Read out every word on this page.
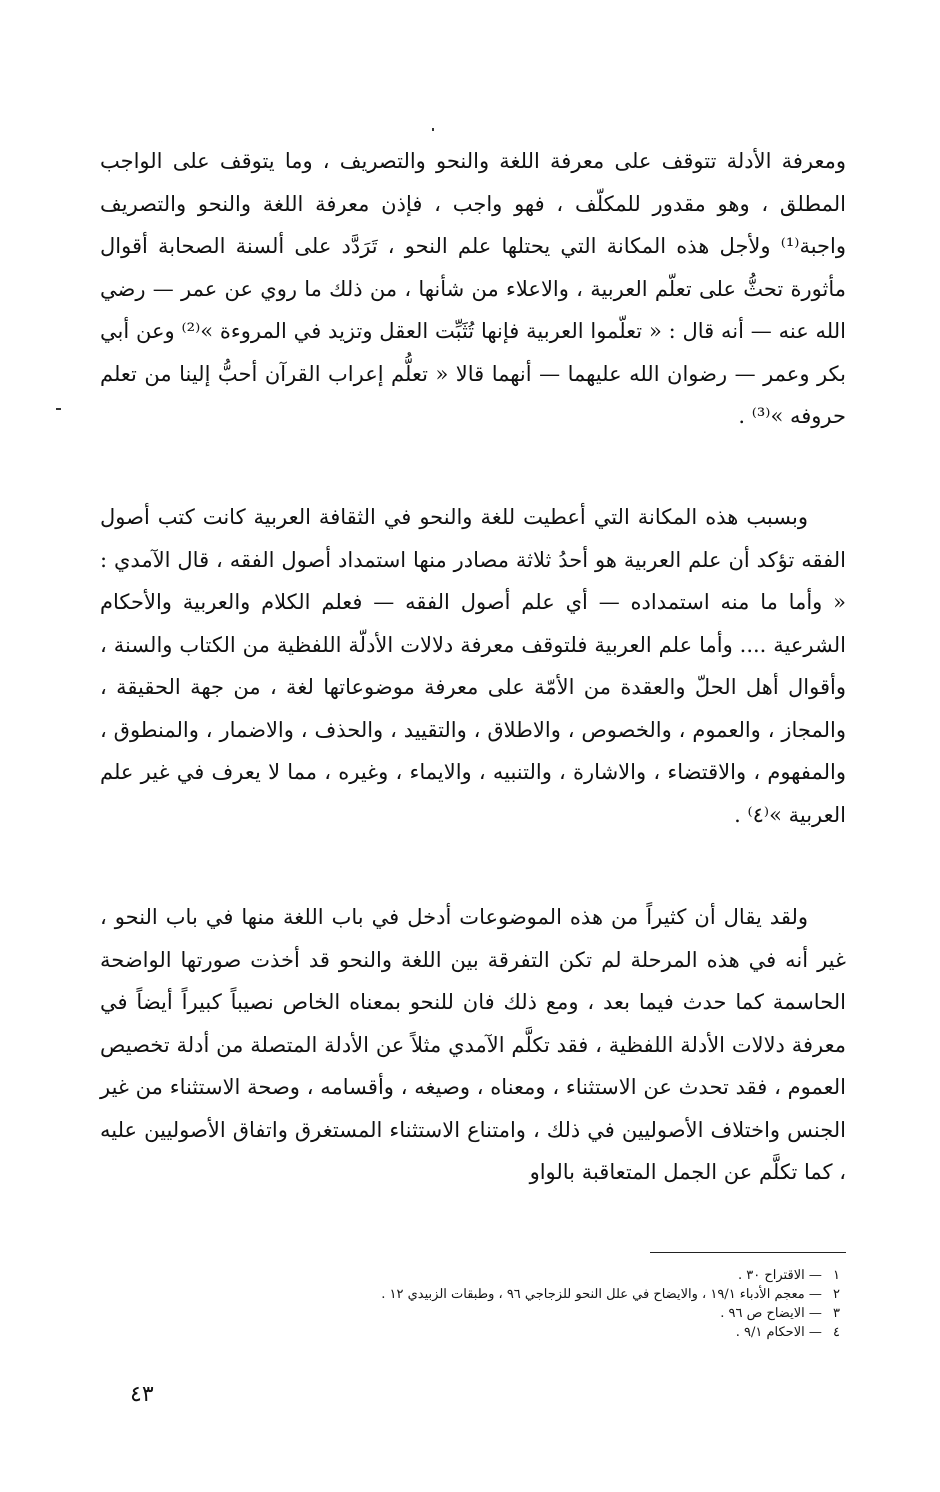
ومعرفة الأدلة تتوقف على معرفة اللغة والنحو والتصريف ، وما يتوقف على الواجب المطلق ، وهو مقدور للمكلّف ، فهو واجب ، فإذن معرفة اللغة والنحو والتصريف واجبة⁽¹⁾ ولأجل هذه المكانة التي يحتلها علم النحو ، تَرَدَّد على ألسنة الصحابة أقوال مأثورة تحثُّ على تعلّم العربية ، والاعلاء من شأنها ، من ذلك ما روي عن عمر — رضي الله عنه — أنه قال : « تعلّموا العربية فإنها تُثَبِّت العقل وتزيد في المروءة »⁽²⁾ وعن أبي بكر وعمر — رضوان الله عليهما — أنهما قالا « تعلُّم إعراب القرآن أحبُّ إلينا من تعلم حروفه »⁽³⁾ .

وبسبب هذه المكانة التي أعطيت للغة والنحو في الثقافة العربية كانت كتب أصول الفقه تؤكد أن علم العربية هو أحدُ ثلاثة مصادر منها استمداد أصول الفقه ، قال الآمدي : « وأما ما منه استمداده — أي علم أصول الفقه — فعلم الكلام والعربية والأحكام الشرعية .... وأما علم العربية فلتوقف معرفة دلالات الأدلّة اللفظية من الكتاب والسنة ، وأقوال أهل الحلّ والعقدة من الأمّة على معرفة موضوعاتها لغة ، من جهة الحقيقة ، والمجاز ، والعموم ، والخصوص ، والاطلاق ، والتقييد ، والحذف ، والاضمار ، والمنطوق ، والمفهوم ، والاقتضاء ، والاشارة ، والتنبيه ، والايماء ، وغيره ، مما لا يعرف في غير علم العربية »⁽٤⁾ .

ولقد يقال أن كثيراً من هذه الموضوعات أدخل في باب اللغة منها في باب النحو ، غير أنه في هذه المرحلة لم تكن التفرقة بين اللغة والنحو قد أخذت صورتها الواضحة الحاسمة كما حدث فيما بعد ، ومع ذلك فان للنحو بمعناه الخاص نصيباً كبيراً أيضاً في معرفة دلالات الأدلة اللفظية ، فقد تكلَّم الآمدي مثلاً عن الأدلة المتصلة من أدلة تخصيص العموم ، فقد تحدث عن الاستثناء ، ومعناه ، وصيغه ، وأقسامه ، وصحة الاستثناء من غير الجنس واختلاف الأصوليين في ذلك ، وامتناع الاستثناء المستغرق واتفاق الأصوليين عليه ، كما تكلَّم عن الجمل المتعاقبة بالواو

١ — الاقتراح ٣٠ .
٢ — معجم الأدباء ١٩/١ ، والايضاح في علل النحو للزجاجي ٩٦ ، وطبقات الزبيدي ١٢ .
٣ — الايضاح ص ٩٦ .
٤ — الاحكام ٩/١ .
٤٣
